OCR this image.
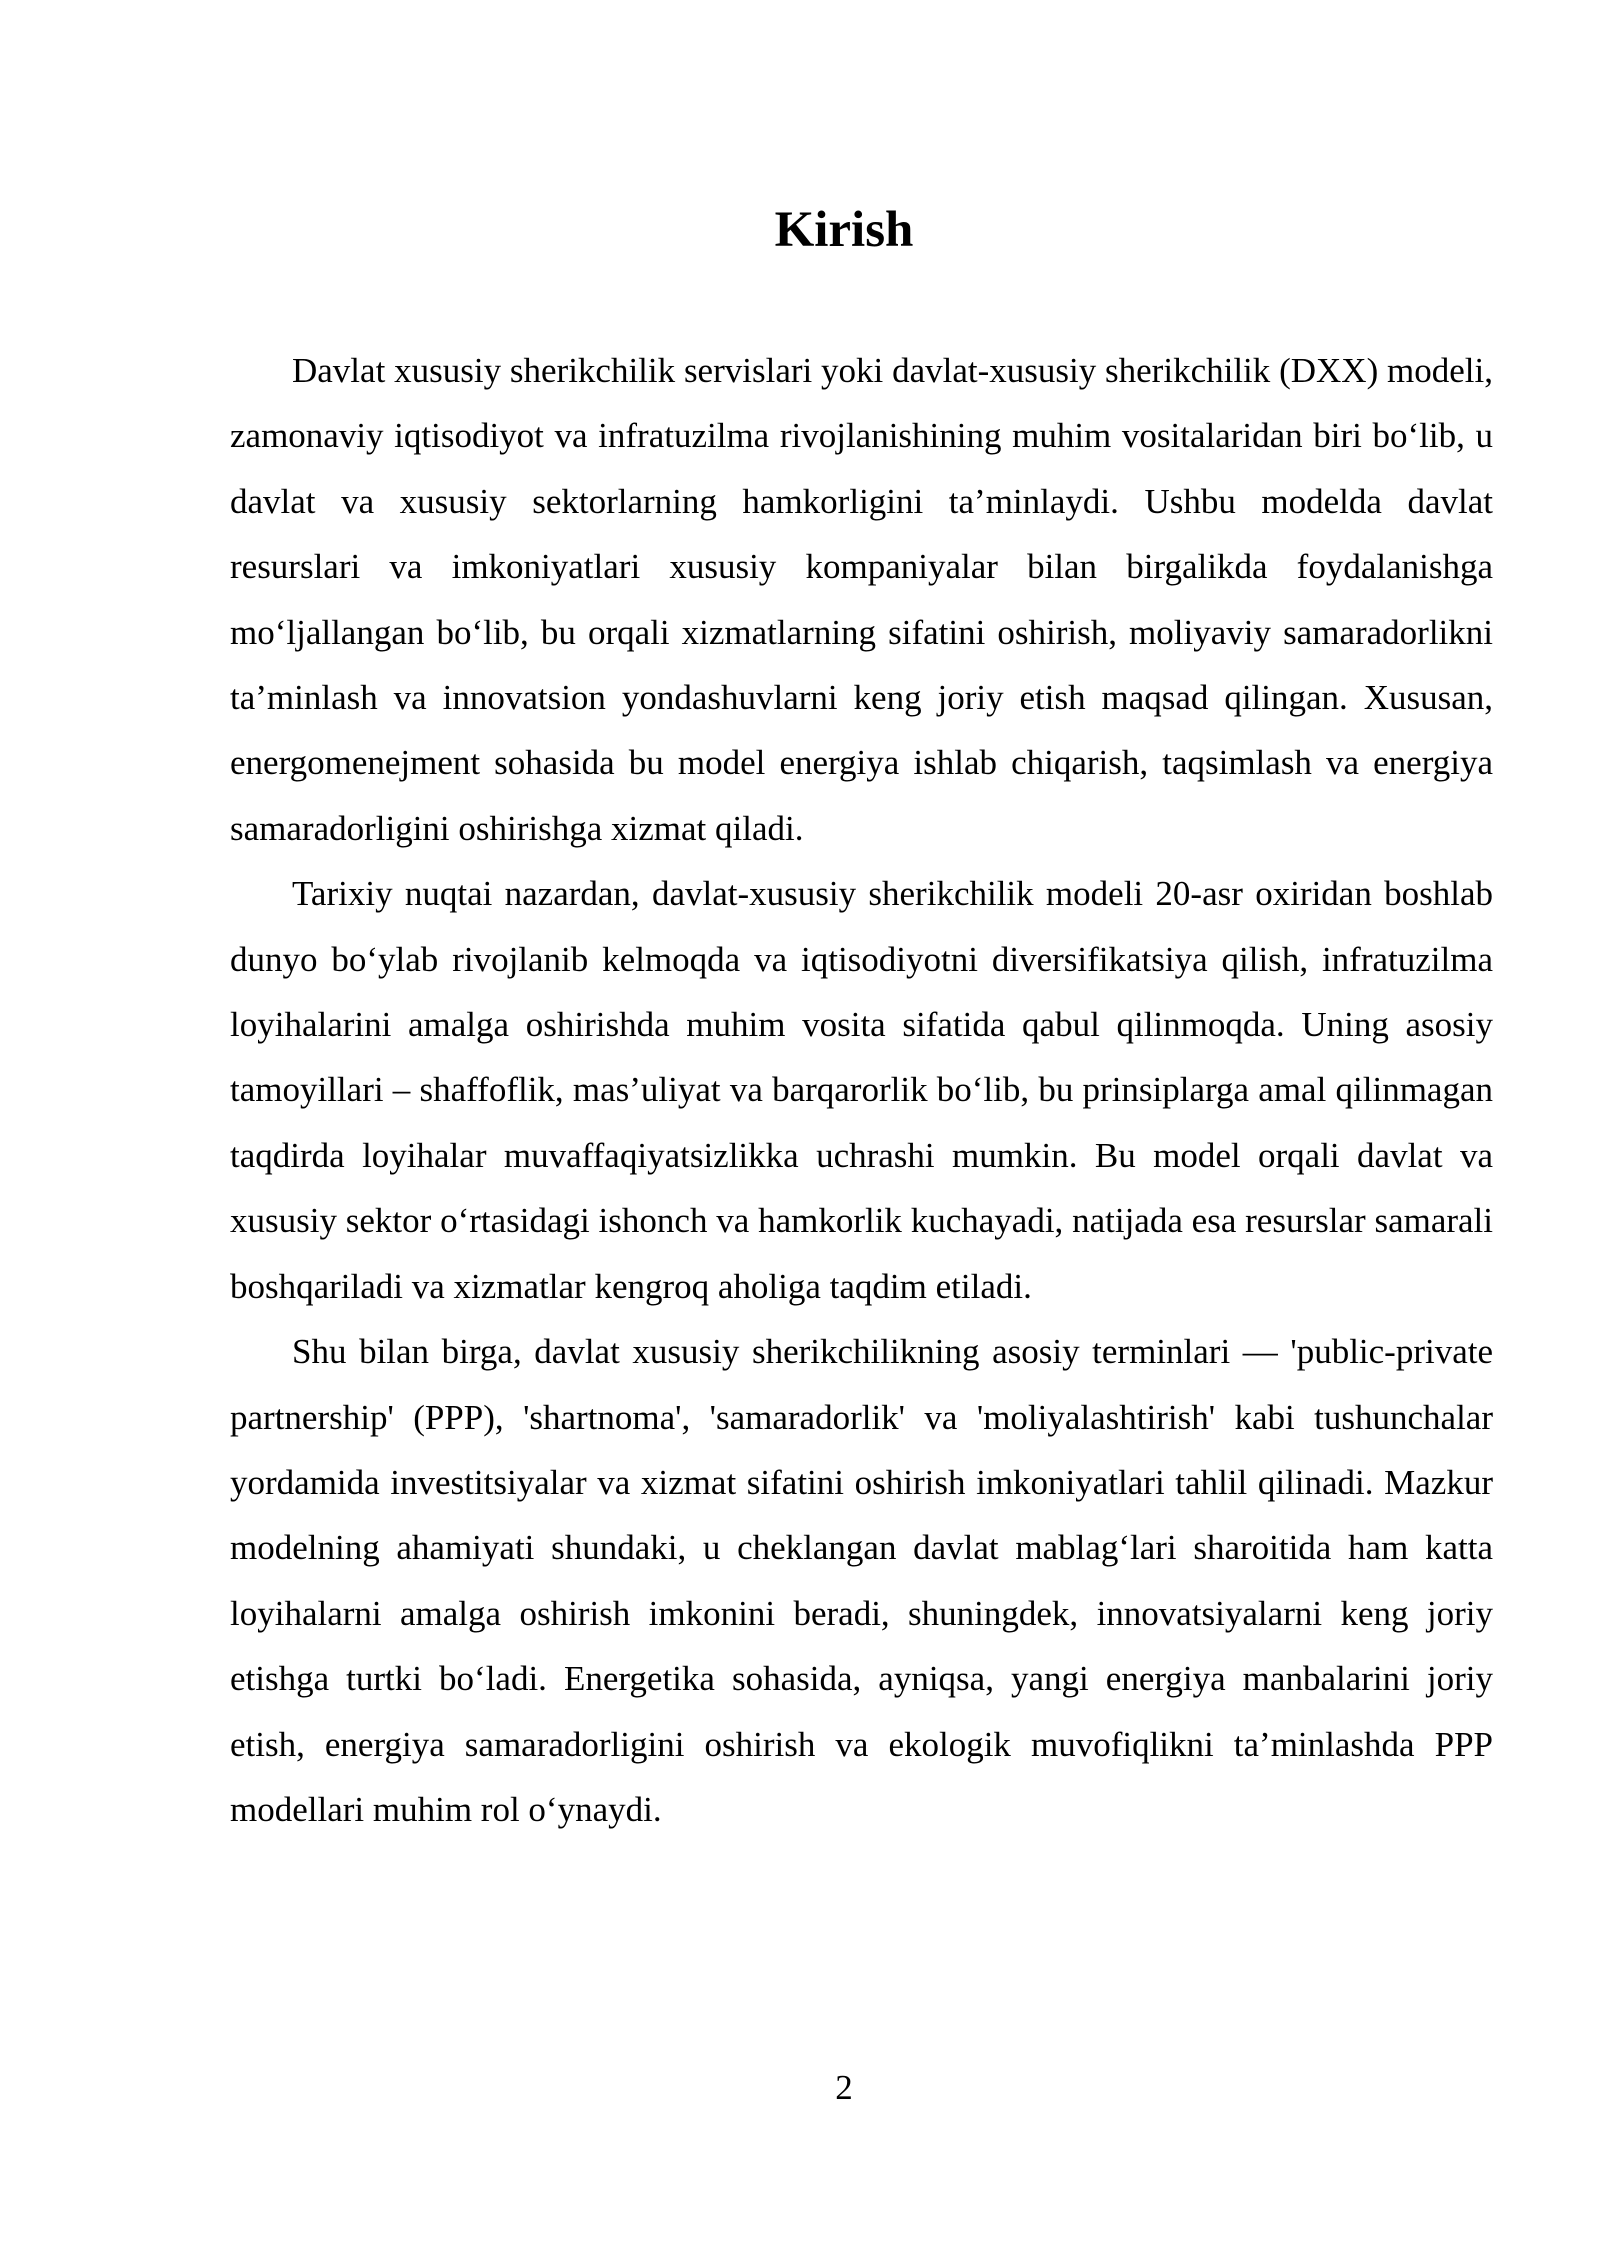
Kirish

Davlat xususiy sherikchilik servislari yoki davlat-xususiy sherikchilik (DXX) modeli, zamonaviy iqtisodiyot va infratuzilma rivojlanishining muhim vositalaridan biri bo‘lib, u davlat va xususiy sektorlarning hamkorligini ta’minlaydi. Ushbu modelda davlat resurslari va imkoniyatlari xususiy kompaniyalar bilan birgalikda foydalanishga mo‘ljallangan bo‘lib, bu orqali xizmatlarning sifatini oshirish, moliyaviy samaradorlikni ta’minlash va innovatsion yondashuvlarni keng joriy etish maqsad qilingan. Xususan, energomenejment sohasida bu model energiya ishlab chiqarish, taqsimlash va energiya samaradorligini oshirishga xizmat qiladi.

Tarixiy nuqtai nazardan, davlat-xususiy sherikchilik modeli 20-asr oxiridan boshlab dunyo bo‘ylab rivojlanib kelmoqda va iqtisodiyotni diversifikatsiya qilish, infratuzilma loyihalarini amalga oshirishda muhim vosita sifatida qabul qilinmoqda. Uning asosiy tamoyillari – shaffoflik, mas’uliyat va barqarorlik bo‘lib, bu prinsiplarga amal qilinmagan taqdirda loyihalar muvaffaqiyatsizlikka uchrashi mumkin. Bu model orqali davlat va xususiy sektor o‘rtasidagi ishonch va hamkorlik kuchayadi, natijada esa resurslar samarali boshqariladi va xizmatlar kengroq aholiga taqdim etiladi.

Shu bilan birga, davlat xususiy sherikchilikning asosiy terminlari — 'public-private partnership' (PPP), 'shartnoma', 'samaradorlik' va 'moliyalashtirish' kabi tushunchalar yordamida investitsiyalar va xizmat sifatini oshirish imkoniyatlari tahlil qilinadi. Mazkur modelning ahamiyati shundaki, u cheklangan davlat mablag‘lari sharoitida ham katta loyihalarni amalga oshirish imkonini beradi, shuningdek, innovatsiyalarni keng joriy etishga turtki bo‘ladi. Energetika sohasida, ayniqsa, yangi energiya manbalarini joriy etish, energiya samaradorligini oshirish va ekologik muvofiqlikni ta’minlashda PPP modellari muhim rol o‘ynaydi.

2
